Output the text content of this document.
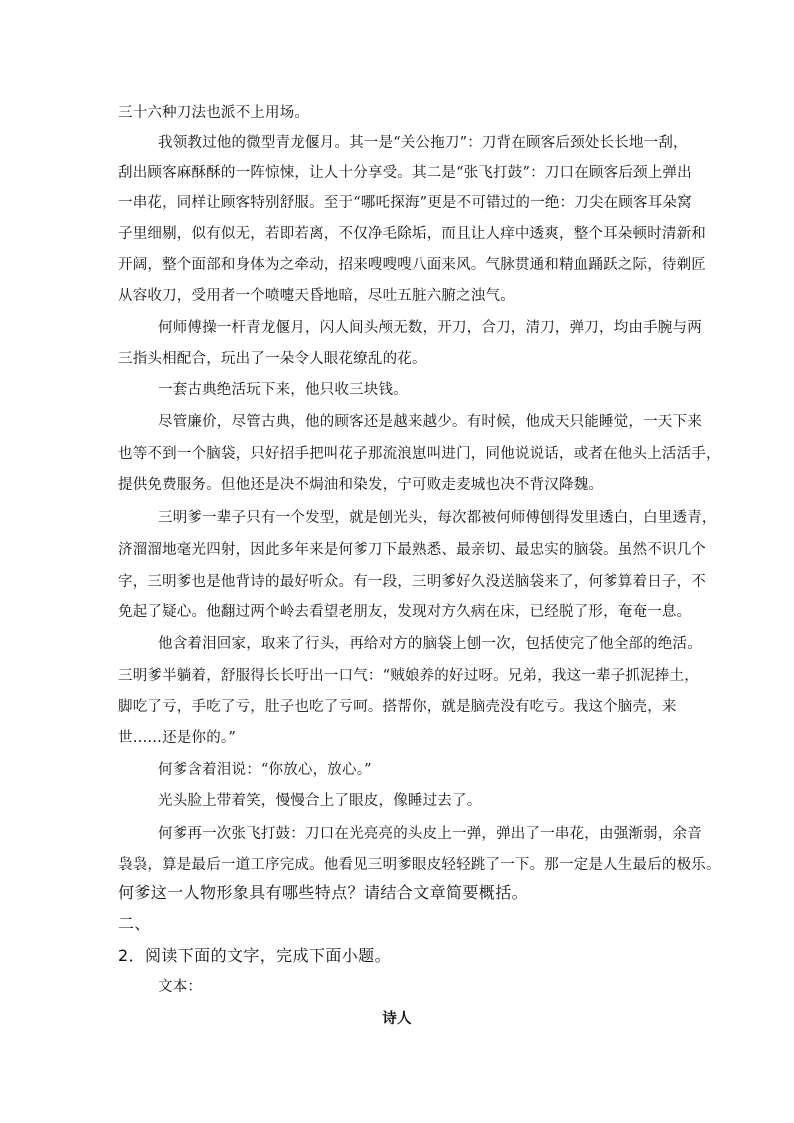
三十六种刀法也派不上用场。
我领教过他的微型青龙偃月。其一是“关公拖刀”：刀背在顾客后颈处长长地一刮，
刮出顾客麻酥酥的一阵惊悚，让人十分享受。其二是“张飞打鼓”：刀口在顾客后颈上弹出
一串花，同样让顾客特别舒服。至于“哪吒探海”更是不可错过的一绝：刀尖在顾客耳朵窝
子里细剔，似有似无，若即若离，不仅净毛除垢，而且让人痒中透爽，整个耳朵顿时清新和
开阔，整个面部和身体为之牵动，招来嗖嗖嗖八面来风。气脉贯通和精血踊跃之际，待剃匠
从容收刀，受用者一个喷嚏天昏地暗，尽吐五脏六腑之浊气。
何师傅操一杆青龙偃月，闪人间头颅无数，开刀，合刀，清刀，弹刀，均由手腕与两
三指头相配合，玩出了一朵令人眼花缭乱的花。
一套古典绝活玩下来，他只收三块钱。
尽管廉价，尽管古典，他的顾客还是越来越少。有时候，他成天只能睡觉，一天下来
也等不到一个脑袋，只好招手把叫花子那流浪崽叫进门，同他说说话，或者在他头上活活手，
提供免费服务。但他还是决不焗油和染发，宁可败走麦城也决不背汉降魏。
三明爹一辈子只有一个发型，就是刨光头，每次都被何师傅刨得发里透白，白里透青，
济溜溜地毫光四射，因此多年来是何爹刀下最熟悉、最亲切、最忠实的脑袋。虽然不识几个
字，三明爹也是他背诗的最好听众。有一段，三明爹好久没送脑袋来了，何爹算着日子，不
免起了疑心。他翻过两个岭去看望老朋友，发现对方久病在床，已经脱了形，奄奄一息。
他含着泪回家，取来了行头，再给对方的脑袋上刨一次，包括使完了他全部的绝活。
三明爹半躺着，舒服得长长吁出一口气：“贼娘养的好过呀。兄弟，我这一辈子抓泥捧土，
脚吃了亏，手吃了亏，肚子也吃了亏呵。搭帮你，就是脑壳没有吃亏。我这个脑壳，来
世……还是你的。”
何爹含着泪说：“你放心，放心。”
光头脸上带着笑，慢慢合上了眼皮，像睡过去了。
何爹再一次张飞打鼓：刀口在光亮亮的头皮上一弹，弹出了一串花，由强渐弱，余音
袅袅，算是最后一道工序完成。他看见三明爹眼皮轻轻跳了一下。那一定是人生最后的极乐。
何爹这一人物形象具有哪些特点？请结合文章简要概括。
二、
2．阅读下面的文字，完成下面小题。
文本：
诗人
